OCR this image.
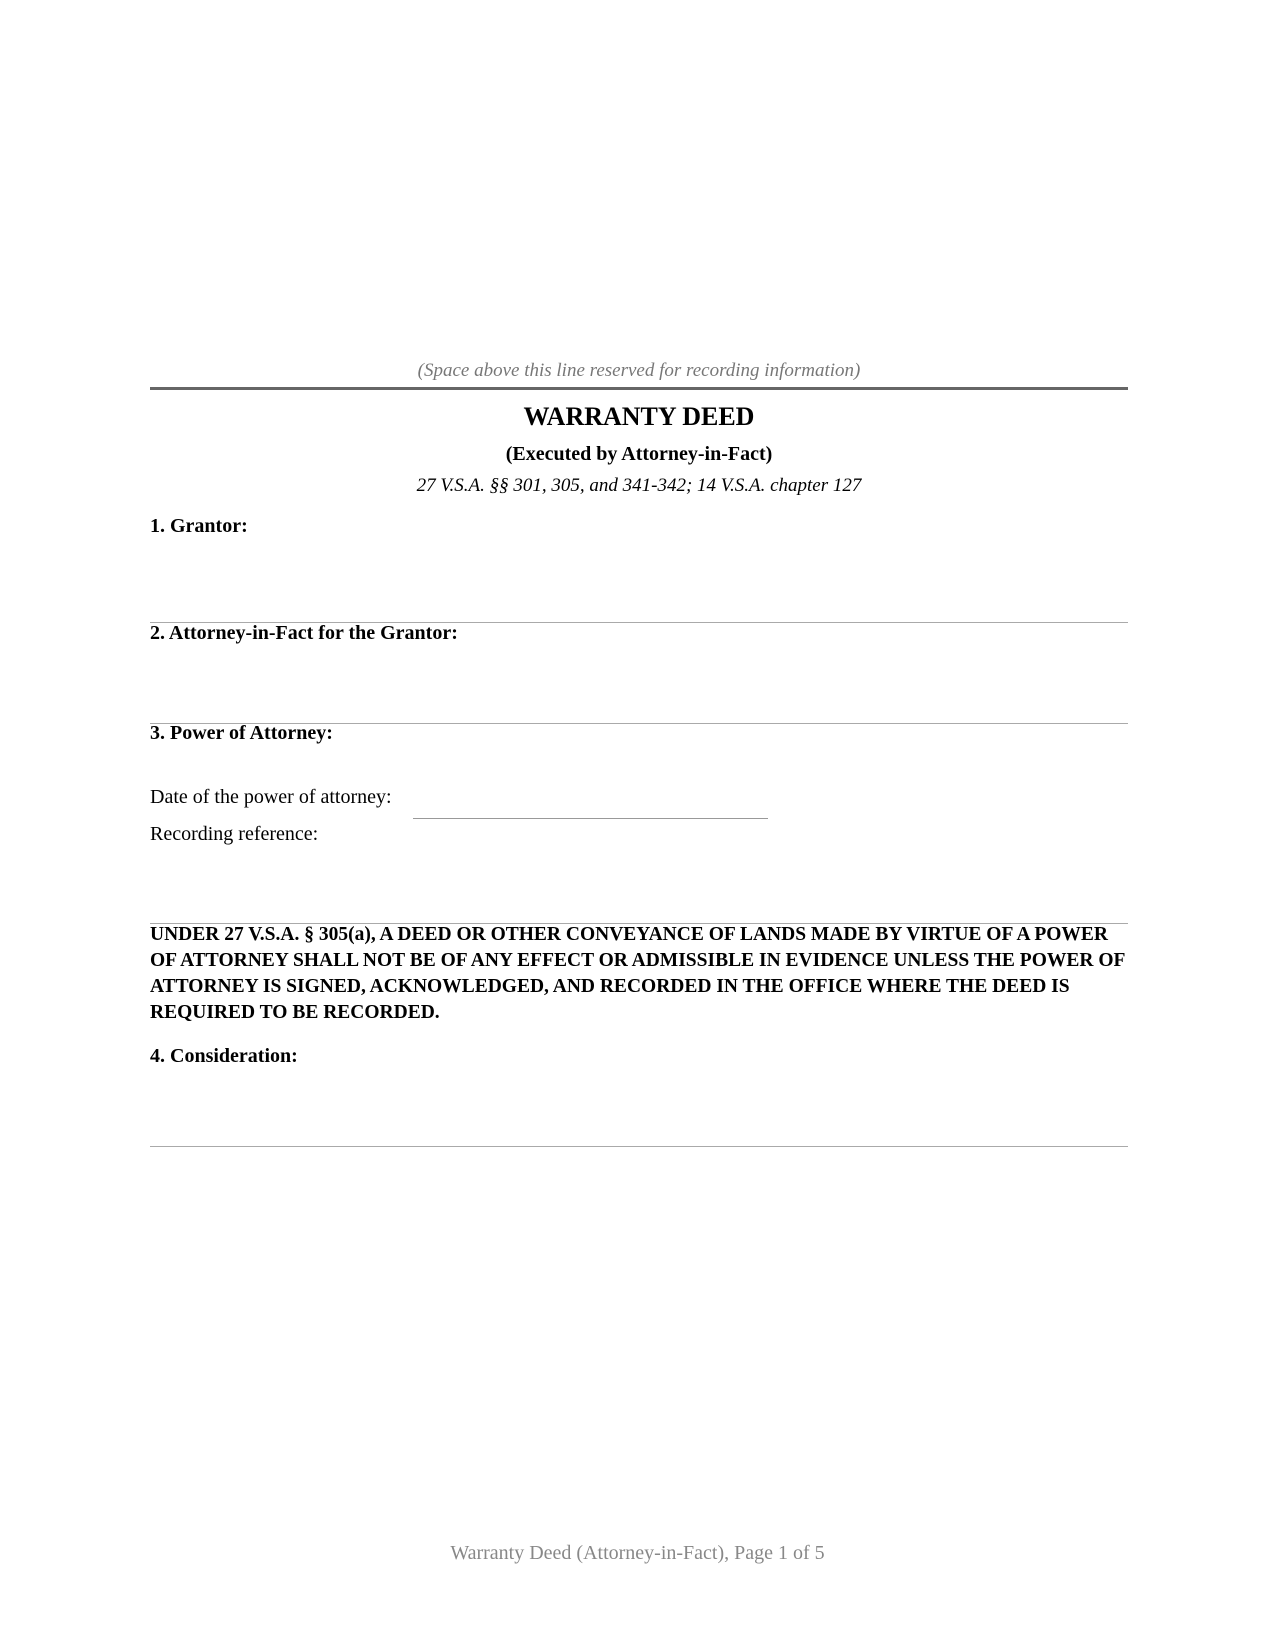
(Space above this line reserved for recording information)
WARRANTY DEED
(Executed by Attorney-in-Fact)
27 V.S.A. §§ 301, 305, and 341-342; 14 V.S.A. chapter 127
1. Grantor:
2. Attorney-in-Fact for the Grantor:
3. Power of Attorney:
Date of the power of attorney:
Recording reference:
UNDER 27 V.S.A. § 305(a), A DEED OR OTHER CONVEYANCE OF LANDS MADE BY VIRTUE OF A POWER OF ATTORNEY SHALL NOT BE OF ANY EFFECT OR ADMISSIBLE IN EVIDENCE UNLESS THE POWER OF ATTORNEY IS SIGNED, ACKNOWLEDGED, AND RECORDED IN THE OFFICE WHERE THE DEED IS REQUIRED TO BE RECORDED.
4. Consideration:
Warranty Deed (Attorney-in-Fact), Page 1 of 5
